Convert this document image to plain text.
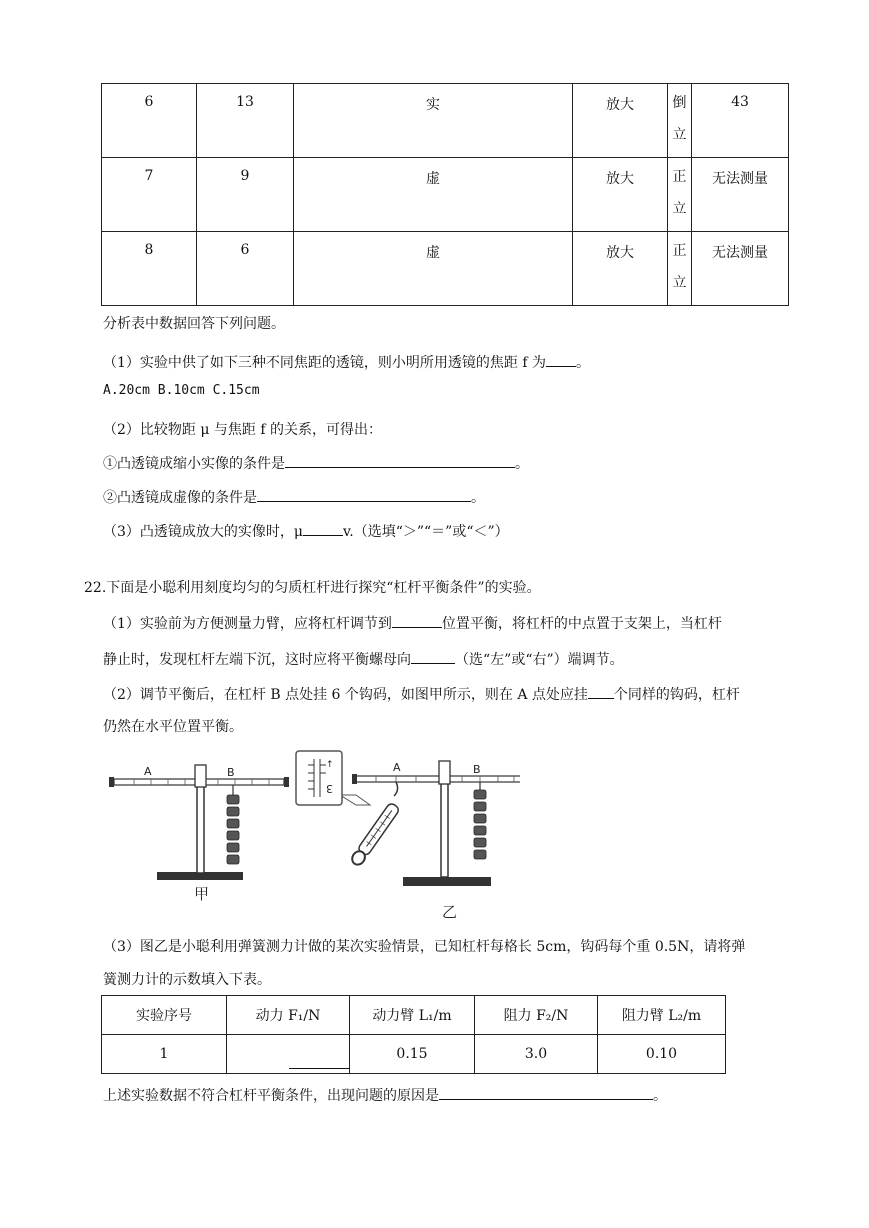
6	13	实	放大	倒立	43
7	9	虚	放大	正立	无法测量
8	6	虚	放大	正立	无法测量
分析表中数据回答下列问题。
（1）实验中供了如下三种不同焦距的透镜，则小明所用透镜的焦距 f 为 。
A.20cm B.10cm C.15cm
（2）比较物距 μ 与焦距 f 的关系，可得出：
①凸透镜成缩小实像的条件是	。
②凸透镜成虚像的条件是	。
（3）凸透镜成放大的实像时，μ	v.（选填“＞”“＝”或“＜”）
22.下面是小聪利用刻度均匀的匀质杠杆进行探究“杠杆平衡条件”的实验。
（1）实验前为方便测量力臂，应将杠杆调节到	位置平衡，将杠杆的中点置于支架上，当杠杆
静止时，发现杠杆左端下沉，这时应将平衡螺母向	（选“左”或“右”）端调节。
（2）调节平衡后，在杠杆 B 点处挂 6 个钩码，如图甲所示，则在 A 点处应挂 个同样的钩码，杠杆
仍然在水平位置平衡。
A	B
甲
A	B
↑
3
乙
（3）图乙是小聪利用弹簧测力计做的某次实验情景，已知杠杆每格长 5cm，钩码每个重 0.5N，请将弹
簧测力计的示数填入下表。
实验序号	动力 F₁/N	动力臂 L₁/m	阻力 F₂/N	阻力臂 L₂/m
1		0.15	3.0	0.10
上述实验数据不符合杠杆平衡条件，出现问题的原因是	。
